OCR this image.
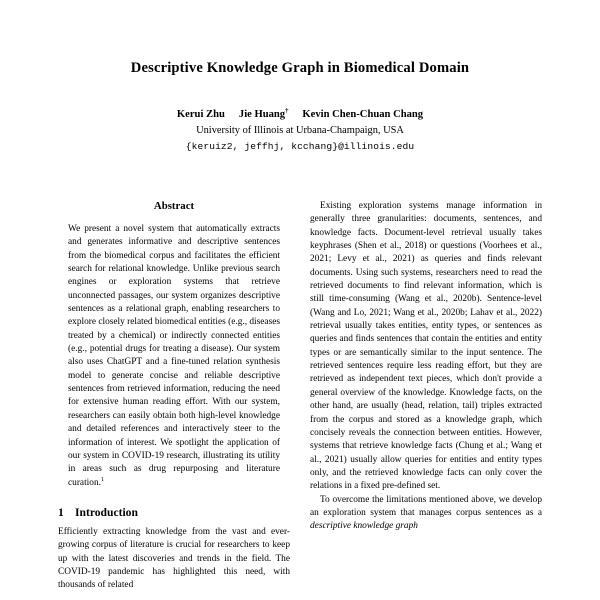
Descriptive Knowledge Graph in Biomedical Domain
Kerui Zhu Jie Huang† Kevin Chen-Chuan Chang
University of Illinois at Urbana-Champaign, USA
{keruiz2, jeffhj, kcchang}@illinois.edu
Abstract

We present a novel system that automatically extracts and generates informative and descriptive sentences from the biomedical corpus and facilitates the efficient search for relational knowledge. Unlike previous search engines or exploration systems that retrieve unconnected passages, our system organizes descriptive sentences as a relational graph, enabling researchers to explore closely related biomedical entities (e.g., diseases treated by a chemical) or indirectly connected entities (e.g., potential drugs for treating a disease). Our system also uses ChatGPT and a fine-tuned relation synthesis model to generate concise and reliable descriptive sentences from retrieved information, reducing the need for extensive human reading effort. With our system, researchers can easily obtain both high-level knowledge and detailed references and interactively steer to the information of interest. We spotlight the application of our system in COVID-19 research, illustrating its utility in areas such as drug repurposing and literature curation.$^1$

1 Introduction

Efficiently extracting knowledge from the vast and ever-growing corpus of literature is crucial for researchers to keep up with the latest discoveries and trends in the field. The COVID-19 pandemic has highlighted this need, with thousands of related

Existing exploration systems manage information in generally three granularities: documents, sentences, and knowledge facts. Document-level retrieval usually takes keyphrases (Shen et al., 2018) or questions (Voorhees et al., 2021; Levy et al., 2021) as queries and finds relevant documents. Using such systems, researchers need to read the retrieved documents to find relevant information, which is still time-consuming (Wang et al., 2020b). Sentence-level (Wang and Lo, 2021; Wang et al., 2020b; Lahav et al., 2022) retrieval usually takes entities, entity types, or sentences as queries and finds sentences that contain the entities and entity types or are semantically similar to the input sentence. The retrieved sentences require less reading effort, but they are retrieved as independent text pieces, which don't provide a general overview of the knowledge. Knowledge facts, on the other hand, are usually (head, relation, tail) triples extracted from the corpus and stored as a knowledge graph, which concisely reveals the connection between entities. However, systems that retrieve knowledge facts (Chung et al.; Wang et al., 2021) usually allow queries for entities and entity types only, and the retrieved knowledge facts can only cover the relations in a fixed pre-defined set.

To overcome the limitations mentioned above, we develop an exploration system that manages corpus sentences as a descriptive knowledge graph
